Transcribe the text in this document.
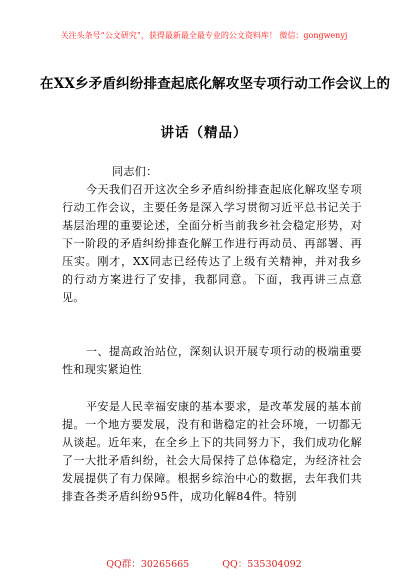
关注头条号“公文研究”，获得最新最全最专业的公文资料库！ 微信：gongwenyj
在XX乡矛盾纠纷排查起底化解攻坚专项行动工作会议上的
讲话（精品）
同志们：
今天我们召开这次全乡矛盾纠纷排查起底化解攻坚专项行动工作会议，主要任务是深入学习贯彻习近平总书记关于基层治理的重要论述，全面分析当前我乡社会稳定形势，对下一阶段的矛盾纠纷排查化解工作进行再动员、再部署、再压实。刚才，XX同志已经传达了上级有关精神，并对我乡的行动方案进行了安排，我都同意。下面，我再讲三点意见。
一、提高政治站位，深刻认识开展专项行动的极端重要性和现实紧迫性
平安是人民幸福安康的基本要求，是改革发展的基本前提。一个地方要发展，没有和谐稳定的社会环境，一切都无从谈起。近年来，在全乡上下的共同努力下，我们成功化解了一大批矛盾纠纷，社会大局保持了总体稳定，为经济社会发展提供了有力保障。根据乡综治中心的数据，去年我们共排查各类矛盾纠纷95件，成功化解84件。特别
QQ群：30265665	QQ：535304092
